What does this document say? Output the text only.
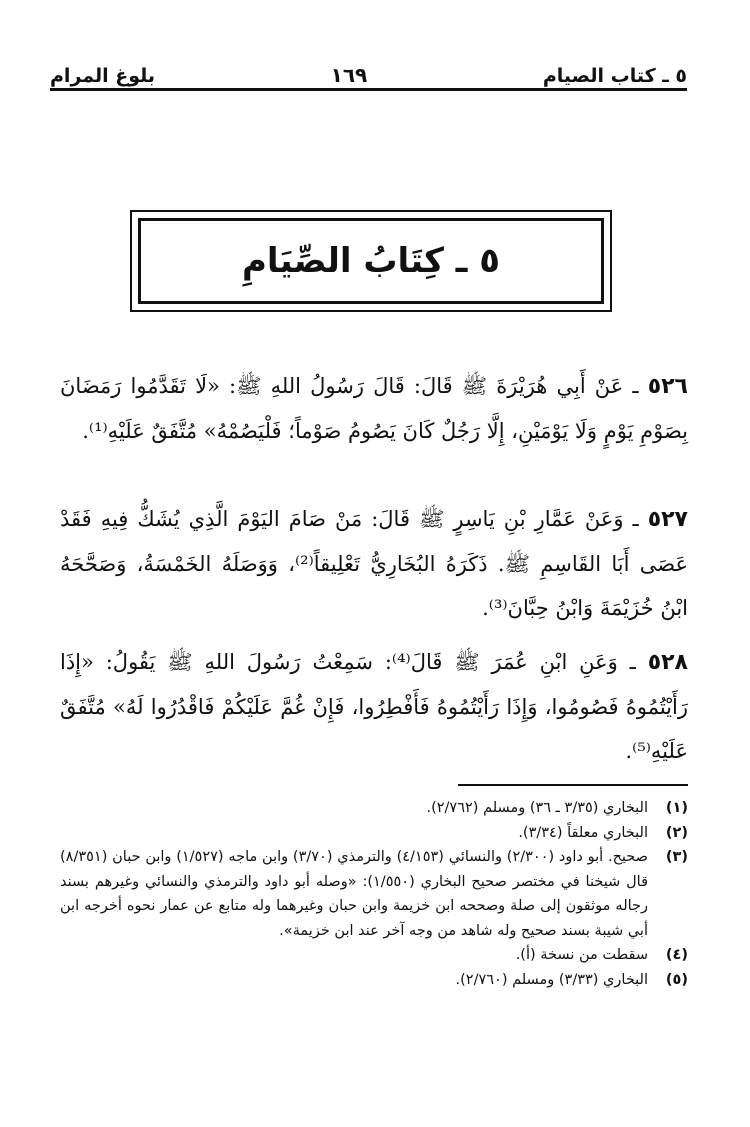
٥ ـ كتاب الصيام
١٦٩
بلوغ المرام
٥ ـ كِتَابُ الصِّيَامِ
٥٢٦ ـ عَنْ أَبِي هُرَيْرَةَ ﷺ قَالَ: قَالَ رَسُولُ اللهِ ﷺ: «لَا تَقَدَّمُوا رَمَضَانَ بِصَوْمِ يَوْمٍ وَلَا يَوْمَيْنِ، إِلَّا رَجُلٌ كَانَ يَصُومُ صَوْماً؛ فَلْيَصُمْهُ» مُتَّفَقٌ عَلَيْهِ⁽¹⁾.
٥٢٧ ـ وَعَنْ عَمَّارِ بْنِ يَاسِرٍ ﷺ قَالَ: مَنْ صَامَ اليَوْمَ الَّذِي يُشَكُّ فِيهِ فَقَدْ عَصَى أَبَا القَاسِمِ ﷺ. ذَكَرَهُ البُخَارِيُّ تَعْلِيقاً⁽²⁾، وَوَصَلَهُ الخَمْسَةُ، وَصَحَّحَهُ ابْنُ خُزَيْمَةَ وَابْنُ حِبَّانَ⁽³⁾.
٥٢٨ ـ وَعَنِ ابْنِ عُمَرَ ﷺ قَالَ⁽⁴⁾: سَمِعْتُ رَسُولَ اللهِ ﷺ يَقُولُ: «إِذَا رَأَيْتُمُوهُ فَصُومُوا، وَإِذَا رَأَيْتُمُوهُ فَأَفْطِرُوا، فَإِنْ غُمَّ عَلَيْكُمْ فَاقْدُرُوا لَهُ» مُتَّفَقٌ عَلَيْهِ⁽⁵⁾.
(١)
البخاري (٣/٣٥ ـ ٣٦) ومسلم (٢/٧٦٢).
(٢)
البخاري معلقاً (٣/٣٤).
(٣)
صحيح. أبو داود (٢/٣٠٠) والنسائي (٤/١٥٣) والترمذي (٣/٧٠) وابن ماجه (١/٥٢٧) وابن حبان (٨/٣٥١) قال شيخنا في مختصر صحيح البخاري (١/٥٥٠): «وصله أبو داود والترمذي والنسائي وغيرهم بسند رجاله موثقون إلى صلة وصححه ابن خزيمة وابن حبان وغيرهما وله متابع عن عمار نحوه أخرجه ابن أبي شيبة بسند صحيح وله شاهد من وجه آخر عند ابن خزيمة».
(٤)
سقطت من نسخة (أ).
(٥)
البخاري (٣/٣٣) ومسلم (٢/٧٦٠).
